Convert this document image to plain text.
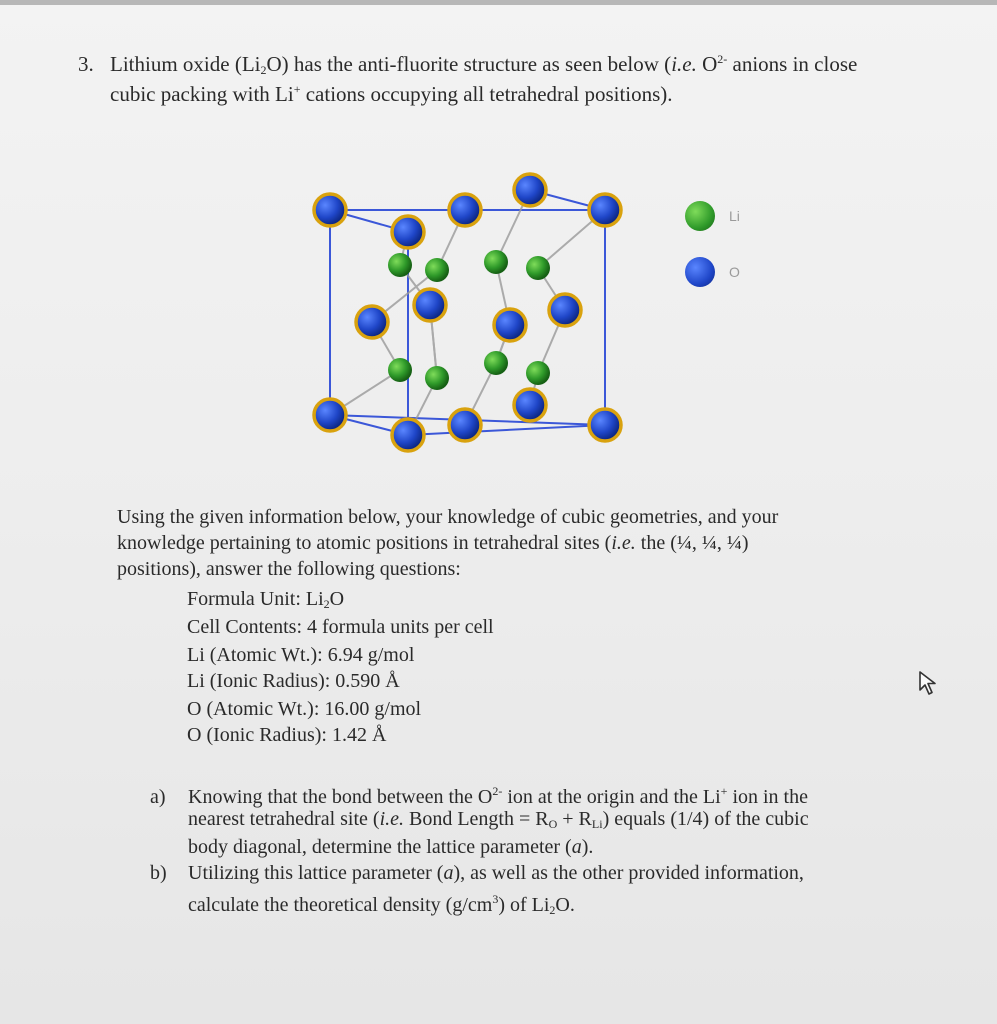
3. Lithium oxide $(Li_2O)$ has the anti-fluorite structure as seen below (i.e. $O^{2-}$ anions in close
cubic packing with Li+ cations occupying all tetrahedral positions).
Li
O
Using the given information below, your knowledge of cubic geometries, and your
knowledge pertaining to atomic positions in tetrahedral sites (i.e. the (¼, ¼, ¼)
positions), answer the following questions:
Formula Unit: $Li_2O$
Cell Contents: 4 formula units per cell
Li (Atomic Wt.): 6.94 g/mol
Li (Ionic Radius): 0.590 Å
O (Atomic Wt.): 16.00 g/mol
O (Ionic Radius): 1.42 Å
a) Knowing that the bond between the $O^{2-}$ ion at the origin and the Li+ ion in the
nearest tetrahedral site (i.e. Bond Length = $R_O + R_{Li}$) equals (1/4) of the cubic
body diagonal, determine the lattice parameter (a).
b) Utilizing this lattice parameter (a), as well as the other provided information,
calculate the theoretical density $(g/cm^3)$ of $Li_2O$.
